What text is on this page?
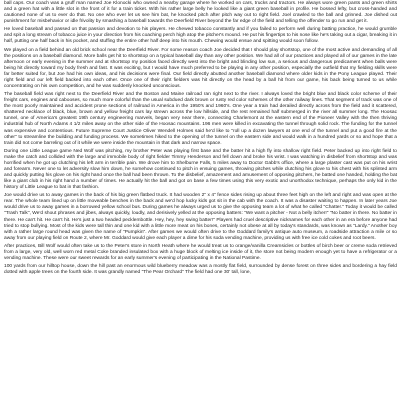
ball caps. Our coach was a gruff man named Joe Klonocki who owned a nearby garage where he worked on cars, trucks and tractors. He always wore green pants and green shirts and a green hat with a little slot in the front of it for a train ticket. With his rather large belly he looked like a giant green baseball in profile. He bossed lefty, but cross-handed and cautioned none of us to ever do that. No one who ever let us see him bat, he knocked pitch after pitch way out to right field. Joel crawled to the ball and grinned. Joe dished out punishment for misbehavior or idle frivolity by smashing a baseball towards the Deerfield River beyond the far edge of the field and telling the offender to go run and get it.

He loved baseball and passed on that passion and devotion to his players. He chewed tobacco constantly and if you failed to perform well during batting practice, he would grumble and spit a long stream of tobacco juice in your direction from his coaching perch high atop the pitcher's mound. He put his fingertips to his nose like he's taking out a cigar, breaking it in half, putting one half back in his pocket, and stuffing the entire other half deep into his mouth. Chewing would ensue and spitting would soon follow.

We played on a field behind an old brick school near the Deerfield River. For some reason coach Joe decided that I should play shortstop, one of the most active and demanding of all the positions on a baseball diamond. More balls get hit to shortstop on a typical baseball day than any other position. We had all of our practices and played all of our games in the late afternoon or early evening in the summer and at shortstop my position faced directly west into the bright and blinding low sun, a serious and dangerous predicament when balls were being hit directly toward my body fresh and fast. It was exciting, but I would have much preferred to be playing in any other position, especially the outfield that my fielding skills were far better suited for, but Joe had his own ideas, and his decisions were final. Our field directly abutted another baseball diamond where older kids in the Pony League played. Their right field and our left field backed into each other. Once one of their right fielders was hit directly on the head by a ball hit from our game, his back being turned to us while concentrating on his own competition, and he was suddenly knocked unconscious.

The baseball field was right next to the Deerfield River and the Boston and Maine railroad ran right next to the river. I always loved the bright blue and black color scheme of their freight cars, engines and cabooses, so much more colorful than the usual subdued dark brown or rusty red color schemes of the other railway lines. That segment of track was one of the most poorly maintained and accident prone sections of railroad in America in the 1950's and 1960's. One year a train had derailed directly across from the field and it scattered, shattered necklace of black, blue, brown and yellow freight cars lay strewn across the low hillside, and the rest remained half submerged in the river all summer long. The Hoosac tunnel, one of America's greatest 19th century engineering marvels, began very near there, connecting Charlemont at the eastern end of the Pioneer Valley with the then thriving industrial hub of North Adams 4 1/2 miles away on the other side of the Hoosac mountains. 196 men were killed in excavating the tunnel through solid rock. The funding for the tunnel was expensive and contentious. Future Supreme Court Justice Oliver Wendell Holmes said he'd like to "roll up a dozen lawyers at one end of the tunnel and put a good fire at the other" to streamline the building and funding process. We sometimes hiked to the opening of the tunnel on the eastern side and would walk in a hundred yards or so and hope that a train did not come barreling out of it while we were inside the mountain in that dark and narrow space.

During one Little League game Ned Wolf was pitching, my brother Peter was playing first base and the batter hit a high fly into shallow right field. Peter backed up into right field to make the catch and collided with the large and immobile body of right fielder Timmy Henderson and fell down and broke his wrist. I was watching in disbelief from shortstop and was horrified when he got up clutching his left arm in terrible pain. We drove him to Shelburne Falls, 5 miles away to Doctor Gabb's office, where a large plaster cast was put on his wrist and forearm. Never one to let adversity slow him down, he somehow continued to pitch in ensuing games, throwing pitches while clutching his glove to his chest with his splinted arm and quickly putting his glove on his right hand once the ball had been thrown. To the disbelief, amazement and amusement of opposing pitchers, he batted one handed, holding the bat like a giant club in his right hand a number of times. He actually hit the ball and got on base a few times using this very exotic and unorthodox technique, perhaps the only kid in the history of Little League to bat in that fashion.

Joe would drive us to away games in the back of his big green flatbed truck. It had wooden 2" x 4" fence sides rising up about three feet high on the left and right and was open at the rear. The whole team lined up on little moveable benches in the back and we'd hop lucky kids got sit in the cab with the coach. It was a disaster waiting to happen. In later years Joe would drive us to away games in a borrowed yellow school bus. During games he always urged us to give the opposing team a lot of what he called "Chatter." Today it would be called "Trash Talk", We'd shout phrases and jibes, always quickly, loudly, and derisively yelled at the opposing batters: "We want a pitcher - Not a belly itcher!" "No batter in there. No batter in there. He can't hit. He can't hit. He's just a two headed pecklembottle. Hey, hey, hey swing batter!" Players had cruel descriptive nicknames for each other in an era before anyone had tried to stop bullying. Most of the kids were tall thin and one kid with a little more meat on his bones, certainly not obese at all by today's standards, was known as "Lardy." Another boy with a rather large round head was given the name of "Pumpkin". After games we would often drive to the Goddard family's antique auto museum, a roadside attraction a mile or so away from our playing field on Route 2, where Mr. Goddard would give each player a dime for his soda vending machine, providing us with free ice cold cokes and root beers.

After practices, Bill Wolf would often take us to the Peter's store in North Heath where he would treat us to orange/vanilla Creamsicles or bottles of birch beer or creme soda retrieved from a large, very old, well worn red metal Coke branded insulated box with a huge block of melting ice inside of it, the store not being modern enough yet to have a refrigerator or a vending machine. These were our sweet rewards for an early summer's evening of participating in the National Pastime.

100 yards from our hilltop house, down the hill past an enormous wild blueberry meadow was a mostly flat field, surrounded by dense forest on three sides and bordering a hay field dotted with apple trees on the fourth side. It was grandly named "The Pear Orchard" The field had one 30' tall, lone,
